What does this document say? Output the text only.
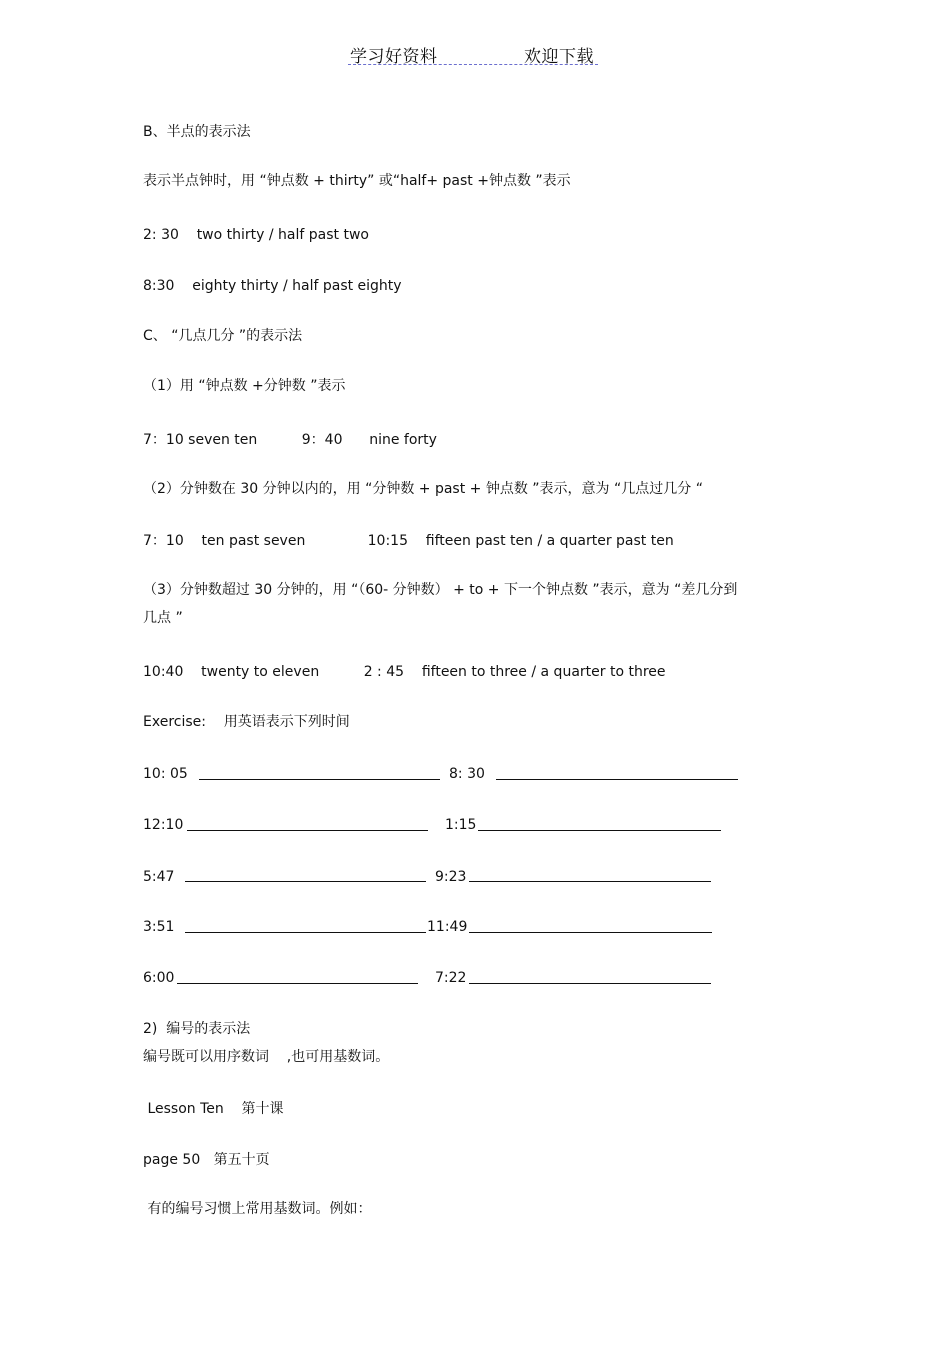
学习好资料	欢迎下载
B、半点的表示法
表示半点钟时，用 “钟点数 + thirty” 或“half+ past +钟点数 ”表示
2: 30    two thirty / half past two
8:30    eighty thirty / half past eighty
C、 “几点几分 ”的表示法
（1）用 “钟点数 +分钟数 ”表示
7：10 seven ten          9：40      nine forty
（2）分钟数在 30 分钟以内的，用 “分钟数 + past + 钟点数 ”表示，意为 “几点过几分 “
7：10    ten past seven              10:15    fifteen past ten / a quarter past ten
（3）分钟数超过 30 分钟的，用 “（60- 分钟数） + to + 下一个钟点数 ”表示，意为 “差几分到
几点 ”
10:40    twenty to eleven          2 : 45    fifteen to three / a quarter to three
Exercise:    用英语表示下列时间
10: 05	8: 30
12:10	1:15
5:47	9:23
3:51	11:49
6:00	7:22
2)  编号的表示法
编号既可以用序数词    ,也可用基数词。
Lesson Ten    第十课
page 50   第五十页
有的编号习惯上常用基数词。例如：
